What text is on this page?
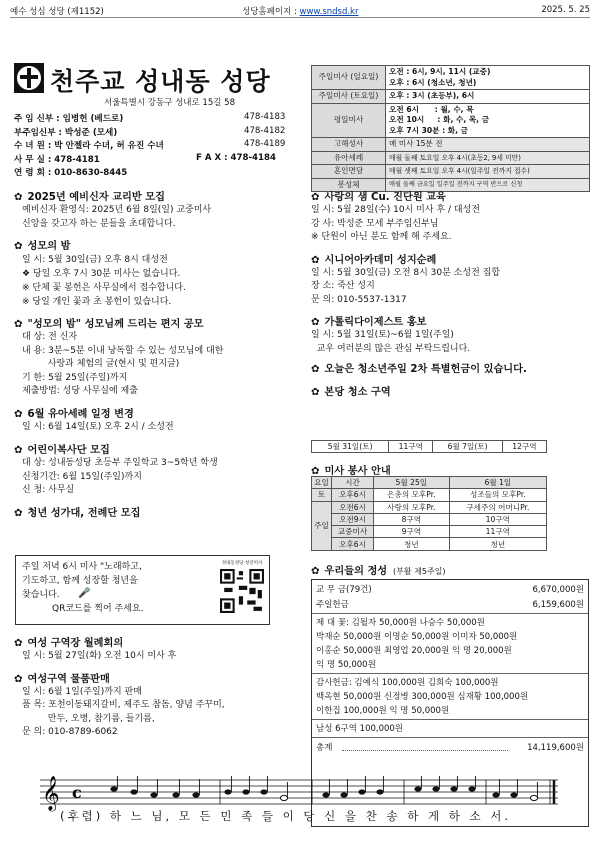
예수 성심 성당 (제1152)	성당홈페이지 : www.sndsd.kr	2025. 5. 25
천주교 성내동 성당
서울특별시 강동구 성내로 15길 58
주 임 신부 : 임병헌 (베드로)	478-4183
부주임신부 : 박성준 (모세)	478-4182
수 녀 원 : 박 안젤라 수녀, 허 유진 수녀	478-4189
사 무 실 : 478-4181	F A X : 478-4184
연 령 회 : 010-8630-8445
주일미사 (일요일)	오전 : 6시, 9시, 11시 (교중)
오후 : 6시 (청소년, 청년)
주일미사 (토요일)	오후 : 3시 (초등부), 6시
평일미사	오전 6시      : 월, 수, 목
오전 10시     : 화, 수, 목, 금
오후 7시 30분 : 화, 금
고해성사	매 미사 15분 전
유아세례	매월 둘째 토요일 오후 4시(초등2, 9세 미만)
혼인면담	매월 셋째 토요일 오후 4시(일주일 전까지 접수)
봉성체	매월 둘째 금요일 일주일 전까지 구역 반으로 신청
✿ 2025년 예비신자 교리반 모집
예비신자 환영식: 2025년 6월 8일(일) 교중미사
신앙을 갖고자 하는 분들을 초대합니다.
✿ 성모의 밤
일 시: 5월 30일(금) 오후 8시 대성전
❖ 당일 오후 7시 30분 미사는 없습니다.
※ 단체 꽃 봉헌은 사무실에서 접수합니다.
※ 당일 개인 꽃과 초 봉헌이 있습니다.
✿ "성모의 밤" 성모님께 드리는 편지 공모
대 상: 전 신자
내 용: 3분~5분 이내 낭독할 수 있는 성모님에 대한
사랑과 체험의 글(현시 및 편지글)
기 한: 5월 25일(주일)까지
제출방법: 성당 사무실에 제출
✿ 6월 유아세례 일정 변경
일 시: 6월 14일(토) 오후 2시 / 소성전
✿ 어린이복사단 모집
대 상: 성내동성당 초등부 주일학교 3~5학년 학생
신청기간: 6월 15일(주일)까지
신 청: 사무실
✿ 청년 성가대, 전례단 모집
주일 저녁 6시 미사 "노래하고,
기도하고, 함께 성장할 청년을
찾습니다.
QR코드를 찍어 주세요.
🎤
성내동성당 청년미사
✿ 여성 구역장 월례회의
일 시: 5월 27일(화) 오전 10시 미사 후
✿ 여성구역 물품판매
일 시: 6월 1일(주일)까지 판매
품 목: 포천이동돼지갈비, 제주도 참돔, 양념 주꾸미,
만두, 오병, 참기름, 들기름,
문 의: 010-8789-6062
✿ 사랑의 샘 Cu. 진단원 교육
일 시: 5월 28일(수) 10시 미사 후 / 대성전
강 사: 박성준 모세 부주임신부님
※ 단원이 아닌 분도 함께 해 주세요.
✿ 시니어아카데미 성지순례
일 시: 5월 30일(금) 오전 8시 30분 소성전 집합
장 소: 죽산 성지
문 의: 010-5537-1317
✿ 가톨릭다이제스트 홍보
일 시: 5월 31일(토)~6월 1일(주일)
교우 여러분의 많은 관심 부탁드립니다.
✿ 오늘은 청소년주일 2차 특별헌금이 있습니다.
✿ 본당 청소 구역
5월 31일(토)	11구역	6월 7일(토)	12구역
✿ 미사 봉사 안내
요일	시간	5월 25일	6월 1일
토	오후6시	은총의 모후Pr.	성조들의 모후Pr.
주일	오전6시	사랑의 모후Pr.	구세주의 어머니Pr.
	오전9시	8구역	10구역
	교중미사	9구역	11구역
	오후6시	청년	청년
✿ 우리들의 정성 (부활 제5주일)
교 무 금(79건)	6,670,000원
주일헌금	6,159,600원
제 대 꽃: 김될자 50,000원 나승수 50,000원
박재순 50,000원 이명순 50,000원 이미자 50,000원
이홍순 50,000원 최영업 20,000원 익 명 20,000원
익 명 50,000원
감사헌금: 김예식 100,000원 김희숙 100,000원
백옥현 50,000원 신정병 300,000원 심재황 100,000원
이한집 100,000원 익 명 50,000원
남성 6구역 100,000원
총계	14,119,600원
𝄞 c
(후렴) 하 느 님, 모 든 민 족 들 이 당 신 을 찬 송 하 게 하 소 서.
